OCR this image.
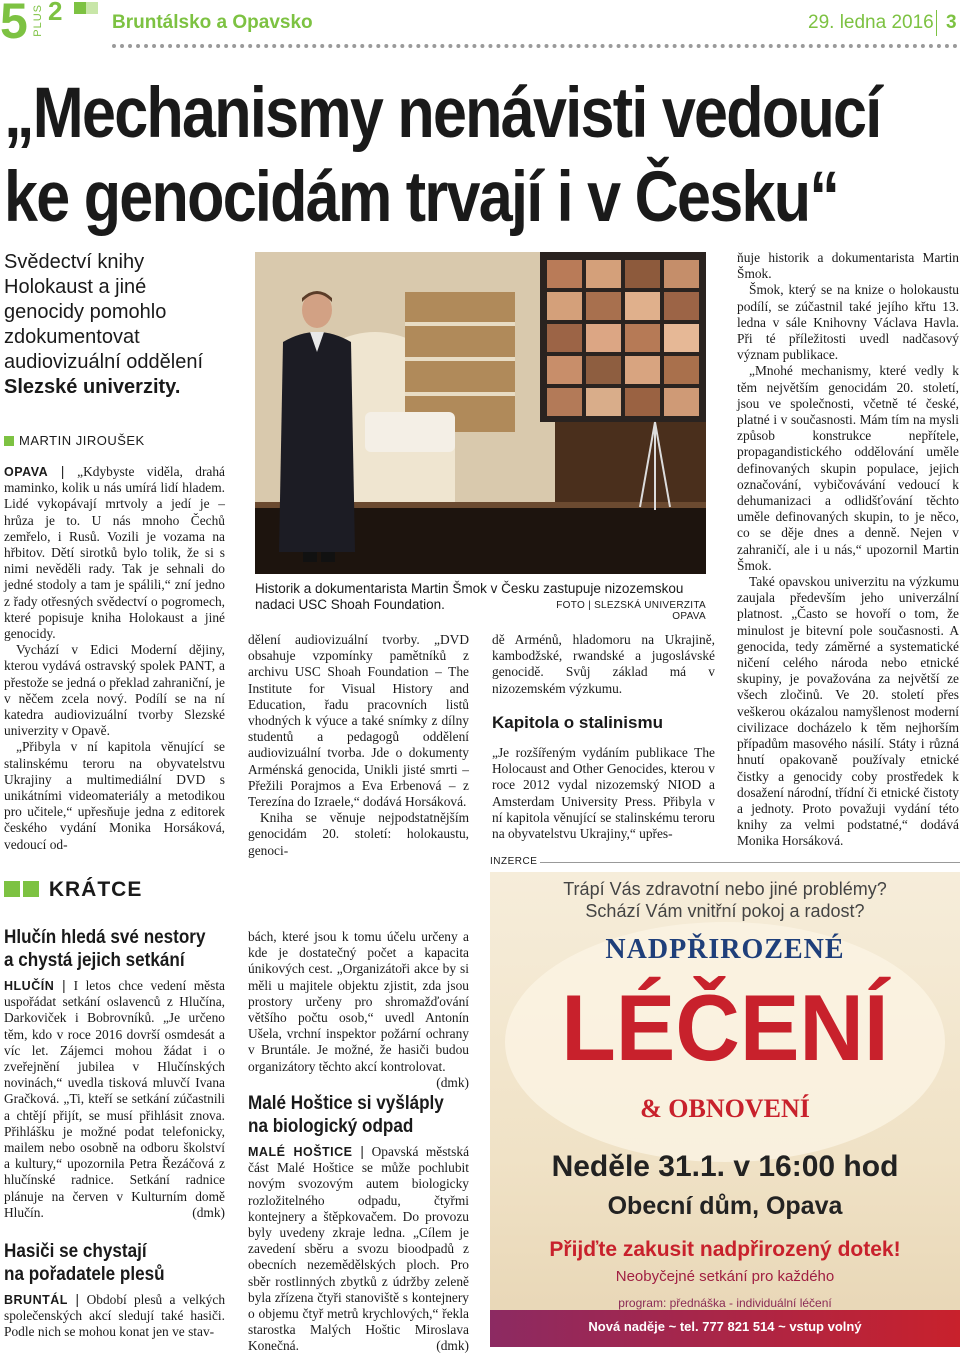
5 PLUS 2	Bruntálsko a Opavsko	29. ledna 2016 3
„Mechanismy nenávisti vedoucí
ke genocidám trvají i v Česku“
Svědectví knihy Holokaust a jiné genocidy pomohlo zdokumentovat audiovizuální oddělení Slezské univerzity.
MARTIN JIROUŠEK

OPAVA | „Kdybyste viděla, drahá maminko, kolik u nás umírá lidí hladem. Lidé vykopávají mrtvoly a jedí je – hrůza je to. U nás mnoho Čechů zemřelo, i Rusů. Vozili je vozama na hřbitov. Dětí sirotků bylo tolik, že si s nimi nevěděli rady. Tak je sehnali do jedné stodoly a tam je spálili,“ zní jedno z řady otřesných svědectví o pogromech, které popisuje kniha Holokaust a jiné genocidy.

Vychází v Edici Moderní dějiny, kterou vydává ostravský spolek PANT, a přestože se jedná o překlad zahraniční, je v něčem zcela nový. Podílí se na ní katedra audiovizuální tvorby Slezské univerzity v Opavě.

„Přibyla v ní kapitola věnující se stalinskému teroru na obyvatelstvu Ukrajiny a multimediální DVD s unikátními videomateriály a metodikou pro učitele,“ upřesňuje jedna z editorek českého vydání Monika Horsáková, vedoucí od-

Historik a dokumentarista Martin Šmok v Česku zastupuje nizozemskou nadaci USC Shoah Foundation.	FOTO | SLEZSKÁ UNIVERZITA OPAVA

dělení audiovizuální tvorby. „DVD obsahuje vzpomínky pamětníků z archivu USC Shoah Foundation – The Institute for Visual History and Education, řadu pracovních listů vhodných k výuce a také snímky z dílny studentů a pedagogů oddělení audiovizuální tvorba. Jde o dokumenty Arménská genocida, Unikli jisté smrti – Přežili Porajmos a Eva Erbenová – z Terezína do Izraele,“ dodává Horsáková.

Kniha se věnuje nejpodstatnějším genocidám 20. století: holokaustu, genoci-

dě Arménů, hladomoru na Ukrajině, kambodžské, rwandské a jugoslávské genocidě. Svůj základ má v nizozemském výzkumu.

Kapitola o stalinismu

„Je rozšířeným vydáním publikace The Holocaust and Other Genocides, kterou v roce 2012 vydal nizozemský NIOD a Amsterdam University Press. Přibyla v ní kapitola věnující se stalinskému teroru na obyvatelstvu Ukrajiny,“ upřes-

ňuje historik a dokumentarista Martin Šmok.

Šmok, který se na knize o holokaustu podílí, se zúčastnil také jejího křtu 13. ledna v sále Knihovny Václava Havla. Při té příležitosti uvedl nadčasový význam publikace.

„Mnohé mechanismy, které vedly k těm největším genocidám 20. století, jsou ve společnosti, včetně té české, platné i v současnosti. Mám tím na mysli způsob konstrukce nepřítele, propagandistického oddělování uměle definovaných skupin populace, jejich označování, vybičovávání vedoucí k dehumanizaci a odlidšťování těchto uměle definovaných skupin, to je něco, co se děje dnes a denně. Nejen v zahraničí, ale i u nás,“ upozornil Martin Šmok.

Také opavskou univerzitu na výzkumu zaujala především jeho univerzální platnost. „Často se hovoří o tom, že minulost je bitevní pole současnosti. A genocida, tedy záměrné a systematické ničení celého národa nebo etnické skupiny, je považována za největší ze všech zločinů. Ve 20. století přes veškerou okázalou namyšlenost moderní civilizace docházelo k těm nejhorším případům masového násilí. Státy i různá hnutí opakovaně používaly etnické čistky a genocidy coby prostředek k dosažení národní, třídní či etnické čistoty a jednoty. Proto považuji vydání této knihy za velmi podstatné,“ dodává Monika Horsáková.

KRÁTCE
Hlučín hledá své nestory
a chystá jejich setkání

HLUČÍN | I letos chce vedení města uspořádat setkání oslavenců z Hlučína, Darkoviček i Bobrovníků. „Je určeno těm, kdo v roce 2016 dovrší osmdesát a víc let. Zájemci mohou žádat i o zveřejnění jubilea v Hlučínských novinách,“ uvedla tisková mluvčí Ivana Gračková. „Ti, kteří se setkání zúčastnili a chtějí přijít, se musí přihlásit znova. Přihlášku je možné podat telefonicky, mailem nebo osobně na odboru školství a kultury,“ upozornila Petra Řezáčová z hlučínské radnice. Setkání radnice plánuje na červen v Kulturním domě Hlučín.	(dmk)

Hasiči se chystají
na pořadatele plesů

BRUNTÁL | Období plesů a velkých společenských akcí sledují také hasiči. Podle nich se mohou konat jen ve stav-

bách, které jsou k tomu účelu určeny a kde je dostatečný počet a kapacita únikových cest. „Organizátoři akce by si měli u majitele objektu zjistit, zda jsou prostory určeny pro shromažďování většího počtu osob,“ uvedl Antonín Ušela, vrchní inspektor požární ochrany v Bruntále. Je možné, že hasiči budou organizátory těchto akcí kontrolovat.
(dmk)

Malé Hoštice si vyšláply
na biologický odpad

MALÉ HOŠTICE | Opavská městská část Malé Hoštice se může pochlubit novým svozovým autem biologicky rozložitelného odpadu, čtyřmi kontejnery a štěpkovačem. Do provozu byly uvedeny zkraje ledna. „Cílem je zavedení sběru a svozu bioodpadů z obecních nezemědělských ploch. Pro sběr rostlinných zbytků z údržby zeleně byla zřízena čtyři stanoviště s kontejnery o objemu čtyř metrů krychlových,“ řekla starostka Malých Hoštic Miroslava Konečná.	(dmk)

INZERCE
Trápí Vás zdravotní nebo jiné problémy?
Schází Vám vnitřní pokoj a radost?
NADPŘIROZENÉ
LÉČENÍ
& OBNOVENÍ
Neděle 31.1. v 16:00 hod
Obecní dům, Opava
Přijďte zakusit nadpřirozený dotek!
Neobyčejné setkání pro každého
program: přednáška - individuální léčení
Nová naděje ~ tel. 777 821 514 ~ vstup volný
